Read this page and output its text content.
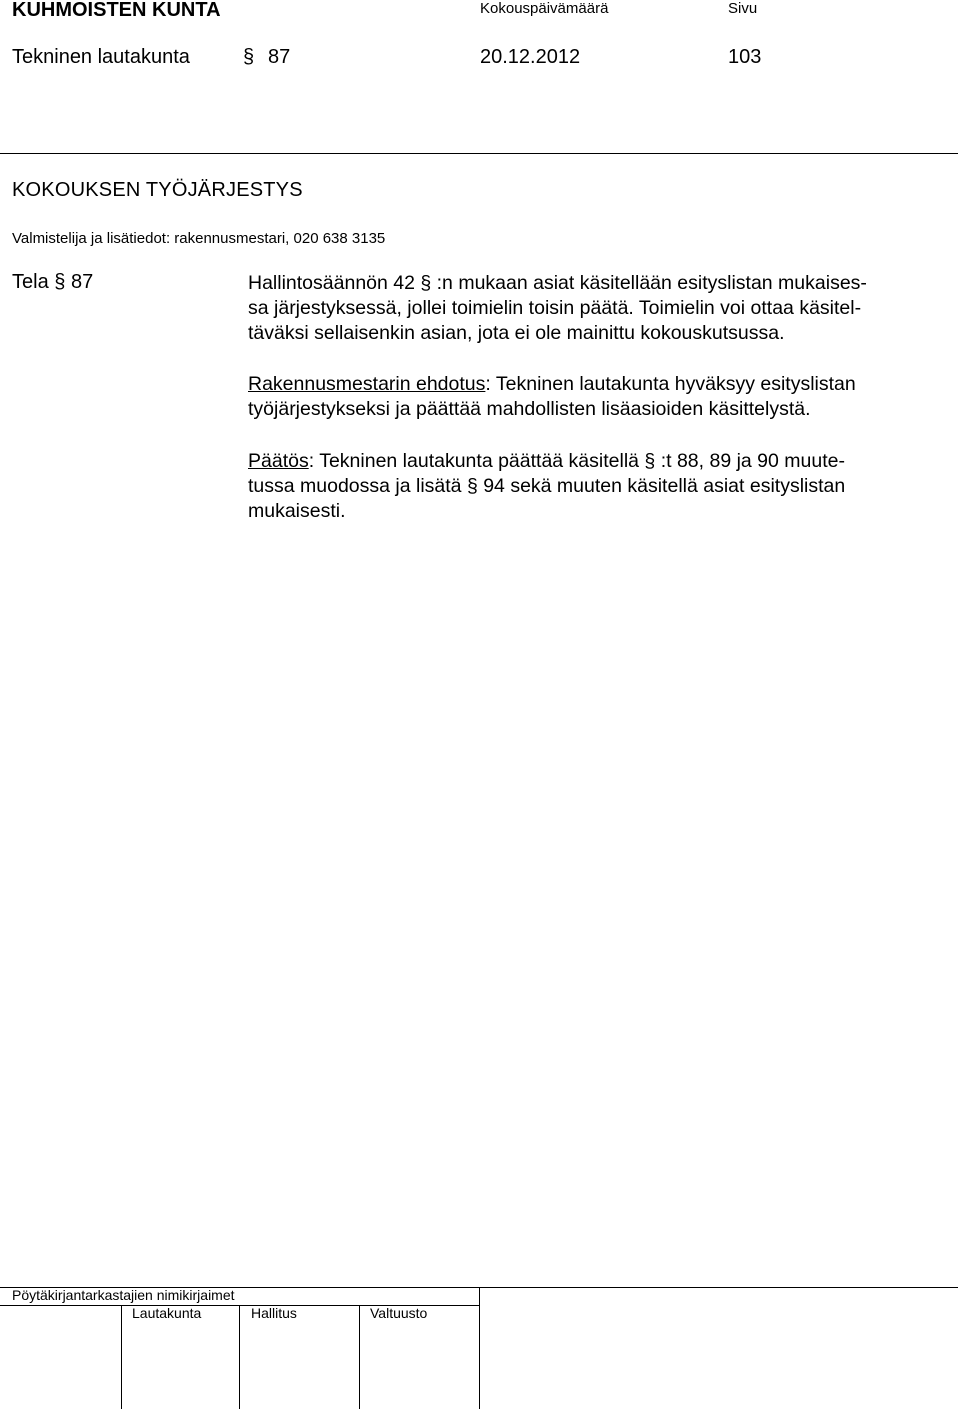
KUHMOISTEN KUNTA	Kokouspäivämäärä	Sivu
Tekninen lautakunta	§ 87	20.12.2012	103
KOKOUKSEN TYÖJÄRJESTYS
Valmistelija ja lisätiedot: rakennusmestari, 020 638 3135
Tela § 87	Hallintosäännön 42 § :n mukaan asiat käsitellään esityslistan mukaises-
sa järjestyksessä, jollei toimielin toisin päätä. Toimielin voi ottaa käsitel-
täväksi sellaisenkin asian, jota ei ole mainittu kokouskutsussa.
Rakennusmestarin ehdotus: Tekninen lautakunta hyväksyy esityslistan
työjärjestykseksi ja päättää mahdollisten lisäasioiden käsittelystä.
Päätös: Tekninen lautakunta päättää käsitellä § :t 88, 89 ja 90 muute-
tussa muodossa ja lisätä § 94 sekä muuten käsitellä asiat esityslistan
mukaisesti.
Pöytäkirjantarkastajien nimikirjaimet
Lautakunta	Hallitus	Valtuusto
